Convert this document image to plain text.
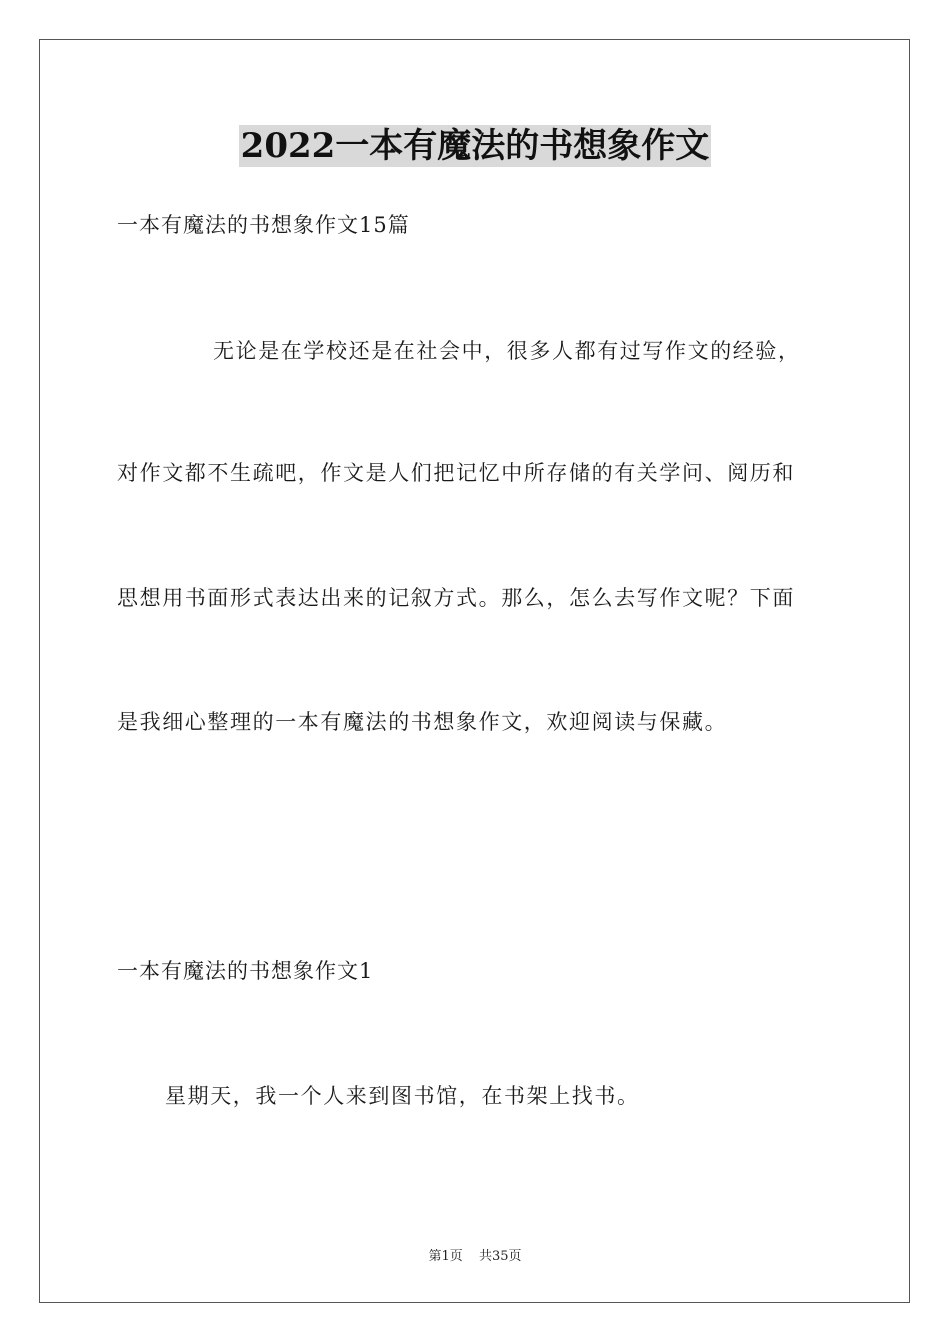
2022一本有魔法的书想象作文
一本有魔法的书想象作文15篇
无论是在学校还是在社会中，很多人都有过写作文的经验，
对作文都不生疏吧，作文是人们把记忆中所存储的有关学问、阅历和
思想用书面形式表达出来的记叙方式。那么，怎么去写作文呢？下面
是我细心整理的一本有魔法的书想象作文，欢迎阅读与保藏。
一本有魔法的书想象作文1
星期天，我一个人来到图书馆，在书架上找书。
第1页 共35页
